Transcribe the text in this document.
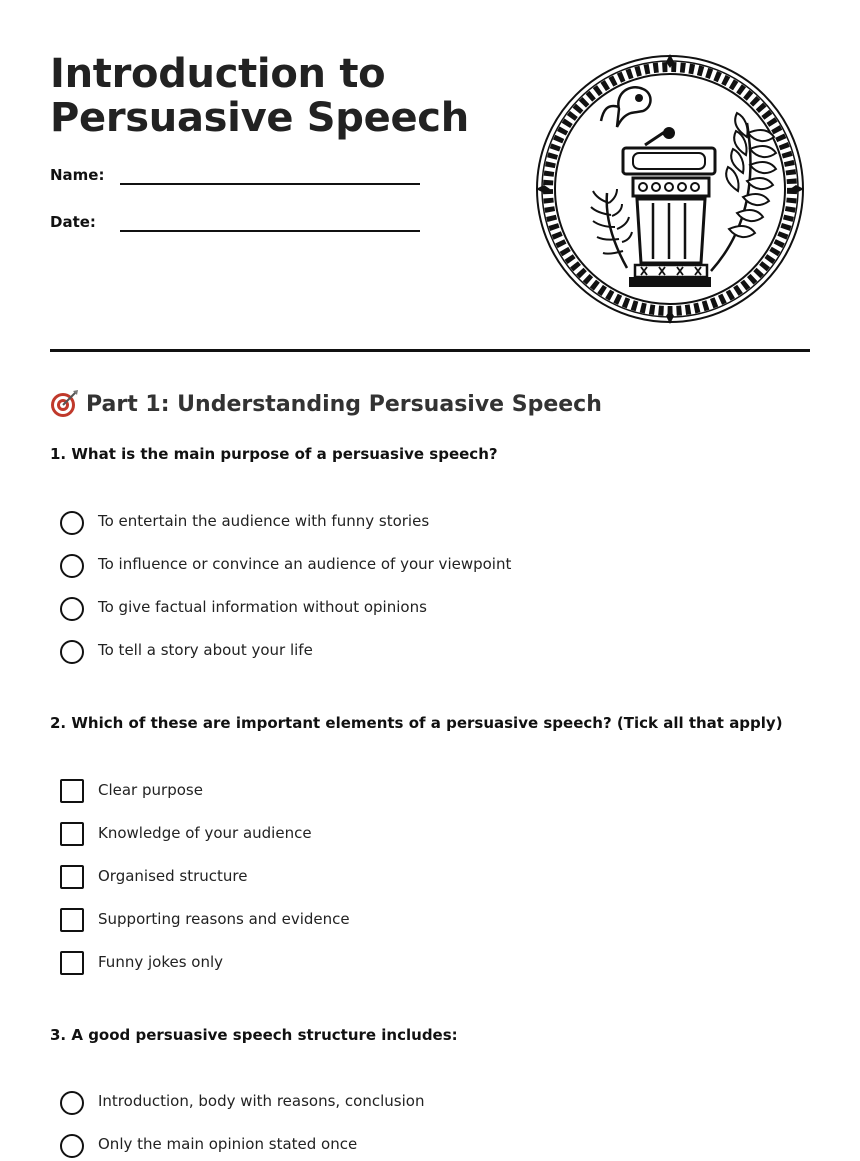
Introduction to
Persuasive Speech
Name:
Date:
Part 1: Understanding Persuasive Speech

1. What is the main purpose of a persuasive speech?

To entertain the audience with funny stories
To influence or convince an audience of your viewpoint
To give factual information without opinions
To tell a story about your life

2. Which of these are important elements of a persuasive speech? (Tick all that apply)

Clear purpose
Knowledge of your audience
Organised structure
Supporting reasons and evidence
Funny jokes only

3. A good persuasive speech structure includes:

Introduction, body with reasons, conclusion
Only the main opinion stated once
